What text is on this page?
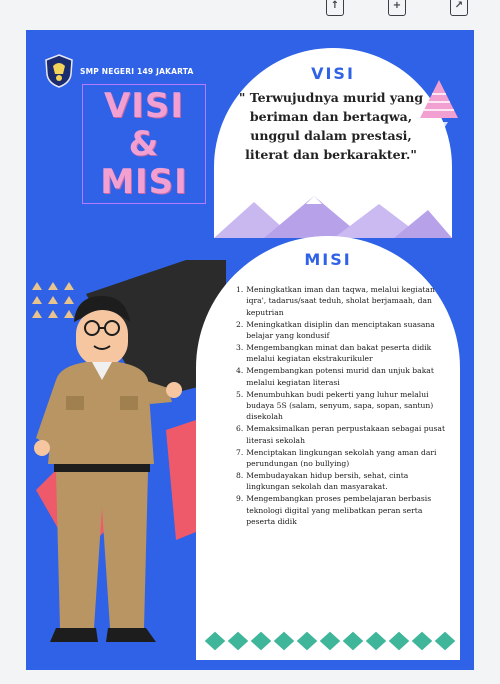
↑	+	↗
SMP NEGERI 149 JAKARTA
VISI
&
MISI
VISI
" Terwujudnya murid yang beriman dan bertaqwa, unggul dalam prestasi, literat dan berkarakter."
MISI
1. Meningkatkan iman dan taqwa, melalui kegiatan iqra', tadarus/saat teduh, sholat berjamaah, dan keputrian
2. Meningkatkan disiplin dan menciptakan suasana belajar yang kondusif
3. Mengembangkan minat dan bakat peserta didik melalui kegiatan ekstrakurikuler
4. Mengembangkan potensi murid dan unjuk bakat melalui kegiatan literasi
5. Menumbuhkan budi pekerti yang luhur melalui budaya 5S (salam, senyum, sapa, sopan, santun) disekolah
6. Memaksimalkan peran perpustakaan sebagai pusat literasi sekolah
7. Menciptakan lingkungan sekolah yang aman dari perundungan (no bullying)
8. Membudayakan hidup bersih, sehat, cinta lingkungan sekolah dan masyarakat.
9. Mengembangkan proses pembelajaran berbasis teknologi digital yang melibatkan peran serta peserta didik
